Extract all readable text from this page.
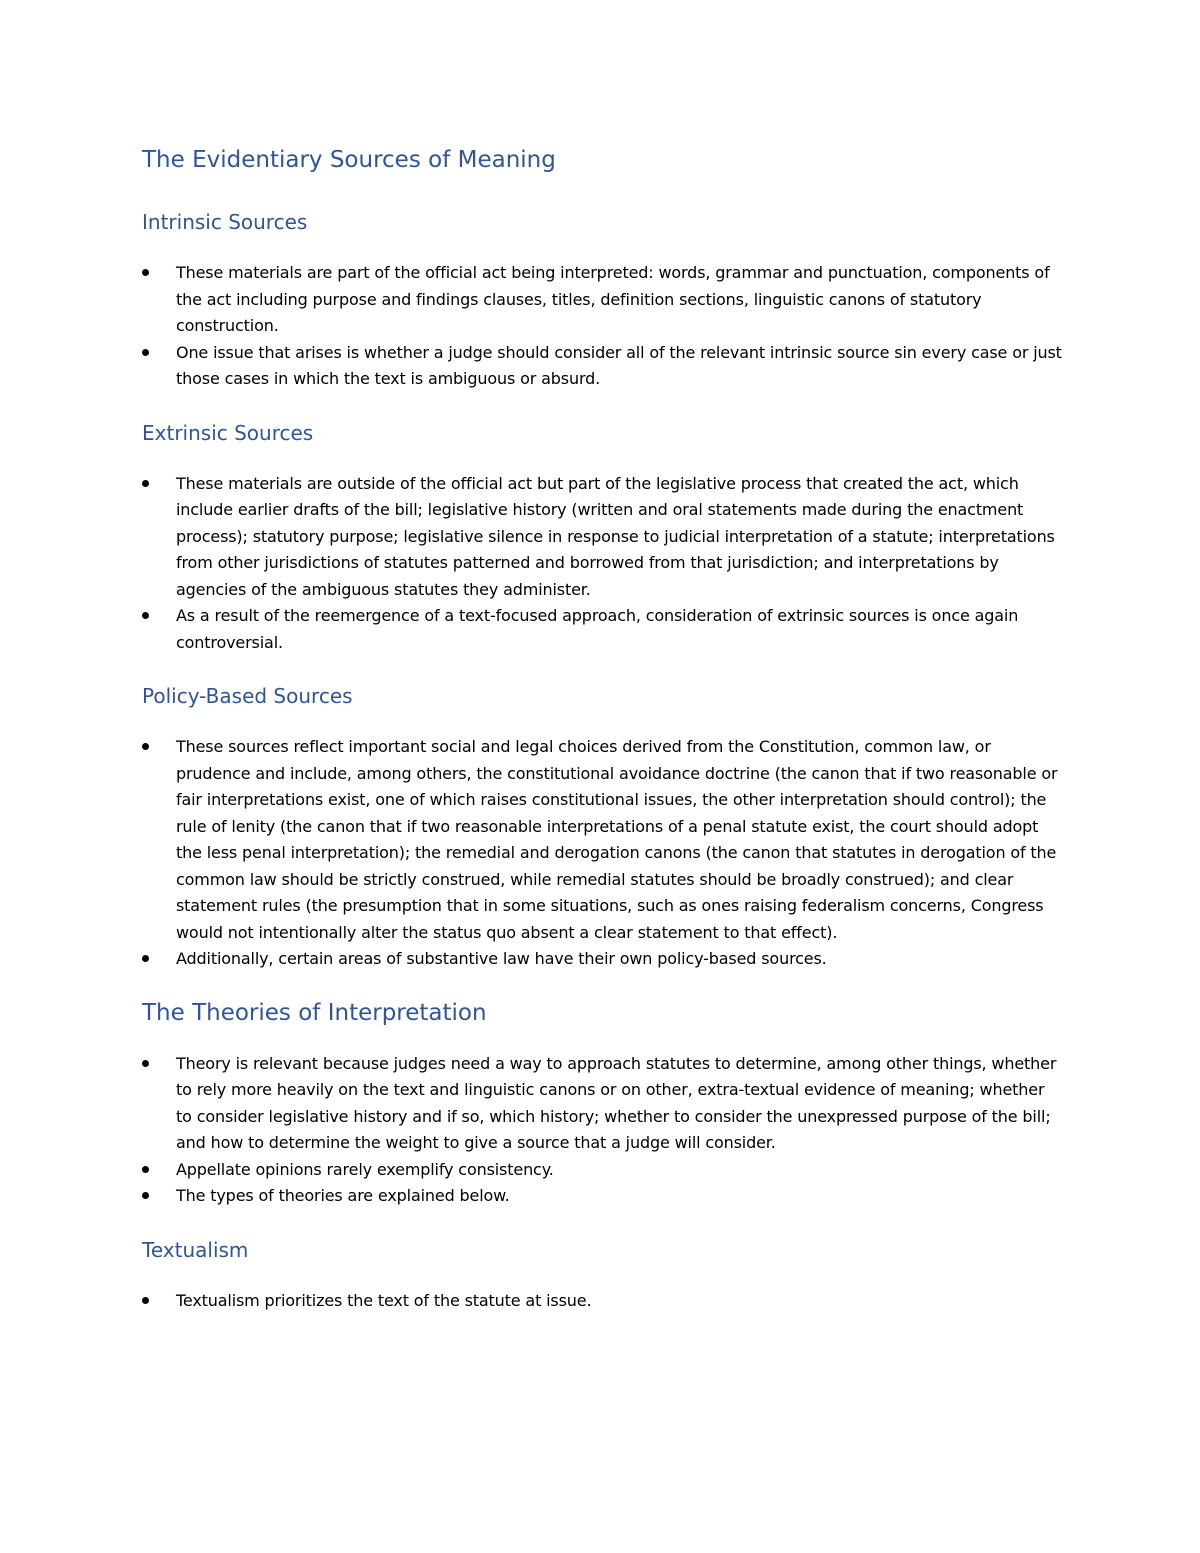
The Evidentiary Sources of Meaning
Intrinsic Sources
These materials are part of the official act being interpreted: words, grammar and punctuation, components of the act including purpose and findings clauses, titles, definition sections, linguistic canons of statutory construction.
One issue that arises is whether a judge should consider all of the relevant intrinsic source sin every case or just those cases in which the text is ambiguous or absurd.
Extrinsic Sources
These materials are outside of the official act but part of the legislative process that created the act, which include earlier drafts of the bill; legislative history (written and oral statements made during the enactment process); statutory purpose; legislative silence in response to judicial interpretation of a statute; interpretations from other jurisdictions of statutes patterned and borrowed from that jurisdiction; and interpretations by agencies of the ambiguous statutes they administer.
As a result of the reemergence of a text-focused approach, consideration of extrinsic sources is once again controversial.
Policy-Based Sources
These sources reflect important social and legal choices derived from the Constitution, common law, or prudence and include, among others, the constitutional avoidance doctrine (the canon that if two reasonable or fair interpretations exist, one of which raises constitutional issues, the other interpretation should control); the rule of lenity (the canon that if two reasonable interpretations of a penal statute exist, the court should adopt the less penal interpretation); the remedial and derogation canons (the canon that statutes in derogation of the common law should be strictly construed, while remedial statutes should be broadly construed); and clear statement rules (the presumption that in some situations, such as ones raising federalism concerns, Congress would not intentionally alter the status quo absent a clear statement to that effect).
Additionally, certain areas of substantive law have their own policy-based sources.
The Theories of Interpretation
Theory is relevant because judges need a way to approach statutes to determine, among other things, whether to rely more heavily on the text and linguistic canons or on other, extra-textual evidence of meaning; whether to consider legislative history and if so, which history; whether to consider the unexpressed purpose of the bill; and how to determine the weight to give a source that a judge will consider.
Appellate opinions rarely exemplify consistency.
The types of theories are explained below.
Textualism
Textualism prioritizes the text of the statute at issue.
